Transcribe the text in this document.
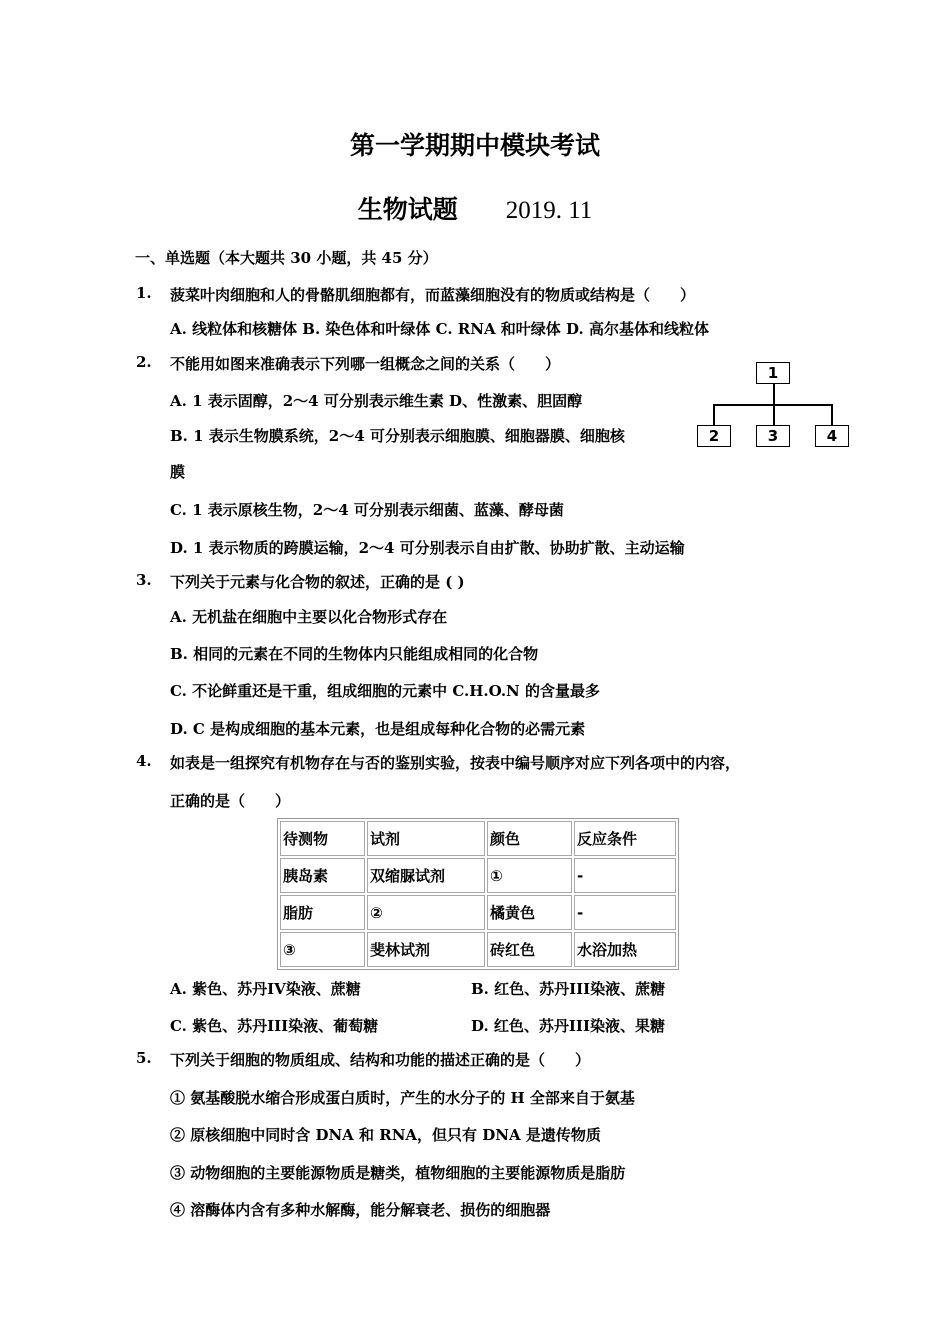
第一学期期中模块考试
生物试题 2019. 11
一、单选题（本大题共 30 小题，共 45 分）
1. 菠菜叶肉细胞和人的骨骼肌细胞都有，而蓝藻细胞没有的物质或结构是（　　）
A. 线粒体和核糖体 B. 染色体和叶绿体 C. RNA 和叶绿体 D. 高尔基体和线粒体
2. 不能用如图来准确表示下列哪一组概念之间的关系（　　）
A. 1 表示固醇，2～4 可分别表示维生素 D、性激素、胆固醇
B. 1 表示生物膜系统，2～4 可分别表示细胞膜、细胞器膜、细胞核
膜
C. 1 表示原核生物，2～4 可分别表示细菌、蓝藻、酵母菌
D. 1 表示物质的跨膜运输，2～4 可分别表示自由扩散、协助扩散、主动运输
1
2	3	4
3. 下列关于元素与化合物的叙述，正确的是 ( )
A. 无机盐在细胞中主要以化合物形式存在
B. 相同的元素在不同的生物体内只能组成相同的化合物
C. 不论鲜重还是干重，组成细胞的元素中 C.H.O.N 的含量最多
D. C 是构成细胞的基本元素，也是组成每种化合物的必需元素
4. 如表是一组探究有机物存在与否的鉴别实验，按表中编号顺序对应下列各项中的内容，
正确的是（　　）
待测物	试剂	颜色	反应条件
胰岛素	双缩脲试剂	①	-
脂肪	②	橘黄色	-
③	斐林试剂	砖红色	水浴加热
A. 紫色、苏丹IV染液、蔗糖	B. 红色、苏丹III染液、蔗糖
C. 紫色、苏丹III染液、葡萄糖	D. 红色、苏丹III染液、果糖
5. 下列关于细胞的物质组成、结构和功能的描述正确的是（　　）
① 氨基酸脱水缩合形成蛋白质时，产生的水分子的 H 全部来自于氨基
② 原核细胞中同时含 DNA 和 RNA，但只有 DNA 是遗传物质
③ 动物细胞的主要能源物质是糖类，植物细胞的主要能源物质是脂肪
④ 溶酶体内含有多种水解酶，能分解衰老、损伤的细胞器
